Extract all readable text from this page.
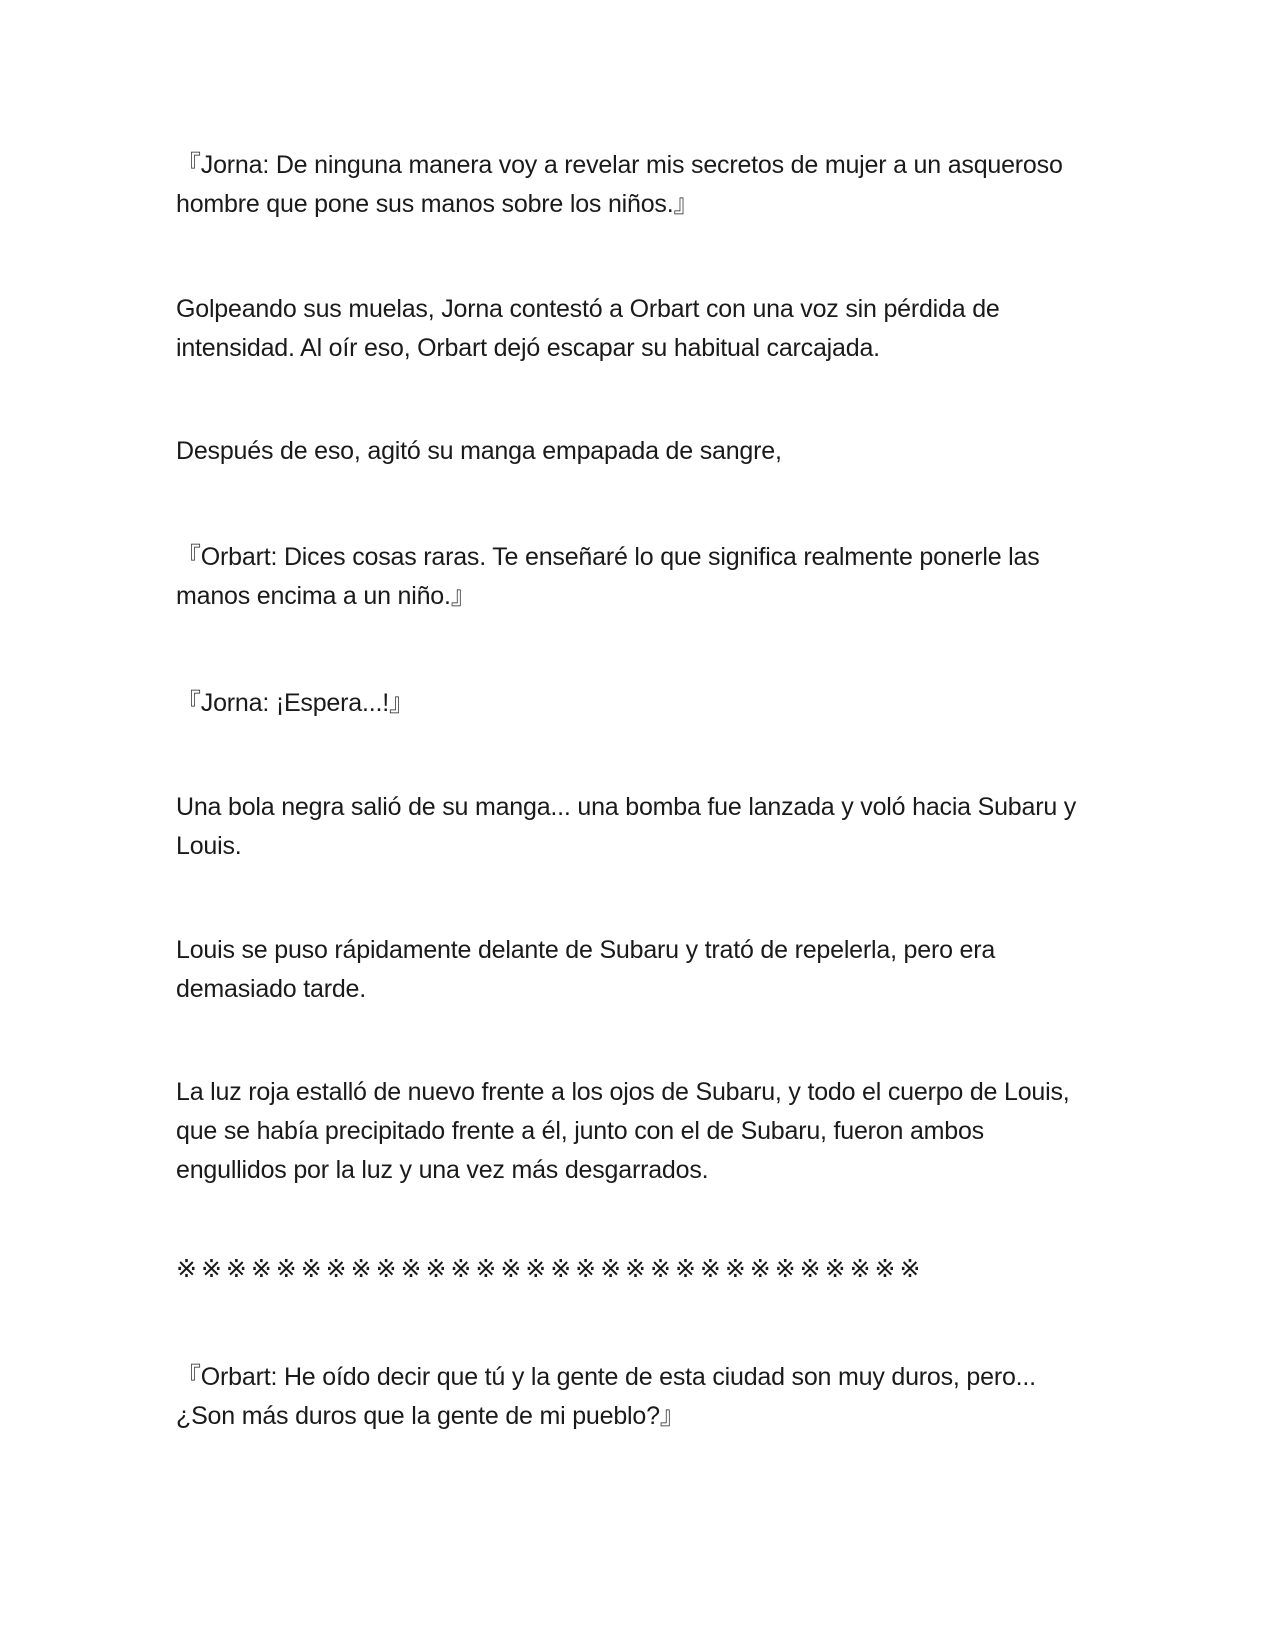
『Jorna: De ninguna manera voy a revelar mis secretos de mujer a un asqueroso hombre que pone sus manos sobre los niños.』

Golpeando sus muelas, Jorna contestó a Orbart con una voz sin pérdida de intensidad. Al oír eso, Orbart dejó escapar su habitual carcajada.

Después de eso, agitó su manga empapada de sangre,

『Orbart: Dices cosas raras. Te enseñaré lo que significa realmente ponerle las manos encima a un niño.』

『Jorna: ¡Espera...!』

Una bola negra salió de su manga... una bomba fue lanzada y voló hacia Subaru y Louis.

Louis se puso rápidamente delante de Subaru y trató de repelerla, pero era demasiado tarde.

La luz roja estalló de nuevo frente a los ojos de Subaru, y todo el cuerpo de Louis, que se había precipitado frente a él, junto con el de Subaru, fueron ambos engullidos por la luz y una vez más desgarrados.

※※※※※※※※※※※※※※※※※※※※※※※※※※※※※※

『Orbart: He oído decir que tú y la gente de esta ciudad son muy duros, pero... ¿Son más duros que la gente de mi pueblo?』
